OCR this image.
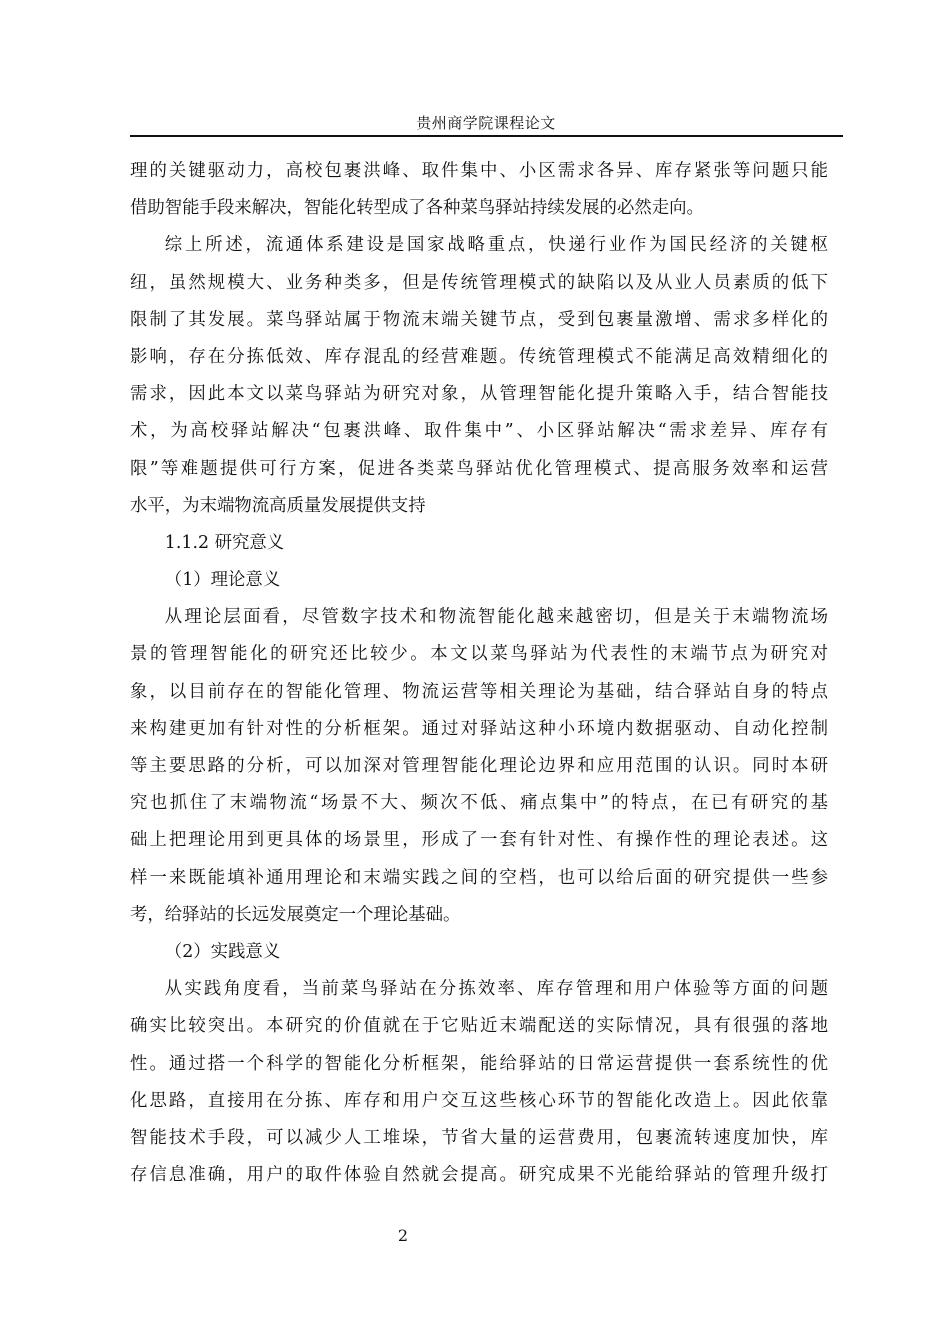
贵州商学院课程论文
理的关键驱动力，高校包裹洪峰、取件集中、小区需求各异、库存紧张等问题只能
借助智能手段来解决，智能化转型成了各种菜鸟驿站持续发展的必然走向。
综上所述，流通体系建设是国家战略重点，快递行业作为国民经济的关键枢
纽，虽然规模大、业务种类多，但是传统管理模式的缺陷以及从业人员素质的低下
限制了其发展。菜鸟驿站属于物流末端关键节点，受到包裹量激增、需求多样化的
影响，存在分拣低效、库存混乱的经营难题。传统管理模式不能满足高效精细化的
需求，因此本文以菜鸟驿站为研究对象，从管理智能化提升策略入手，结合智能技
术，为高校驿站解决“包裹洪峰、取件集中”、小区驿站解决“需求差异、库存有
限”等难题提供可行方案，促进各类菜鸟驿站优化管理模式、提高服务效率和运营
水平，为末端物流高质量发展提供支持
1.1.2 研究意义
（1）理论意义
从理论层面看，尽管数字技术和物流智能化越来越密切，但是关于末端物流场
景的管理智能化的研究还比较少。本文以菜鸟驿站为代表性的末端节点为研究对
象，以目前存在的智能化管理、物流运营等相关理论为基础，结合驿站自身的特点
来构建更加有针对性的分析框架。通过对驿站这种小环境内数据驱动、自动化控制
等主要思路的分析，可以加深对管理智能化理论边界和应用范围的认识。同时本研
究也抓住了末端物流“场景不大、频次不低、痛点集中”的特点，在已有研究的基
础上把理论用到更具体的场景里，形成了一套有针对性、有操作性的理论表述。这
样一来既能填补通用理论和末端实践之间的空档，也可以给后面的研究提供一些参
考，给驿站的长远发展奠定一个理论基础。
（2）实践意义
从实践角度看，当前菜鸟驿站在分拣效率、库存管理和用户体验等方面的问题
确实比较突出。本研究的价值就在于它贴近末端配送的实际情况，具有很强的落地
性。通过搭一个科学的智能化分析框架，能给驿站的日常运营提供一套系统性的优
化思路，直接用在分拣、库存和用户交互这些核心环节的智能化改造上。因此依靠
智能技术手段，可以减少人工堆垛，节省大量的运营费用，包裹流转速度加快，库
存信息准确，用户的取件体验自然就会提高。研究成果不光能给驿站的管理升级打
2
